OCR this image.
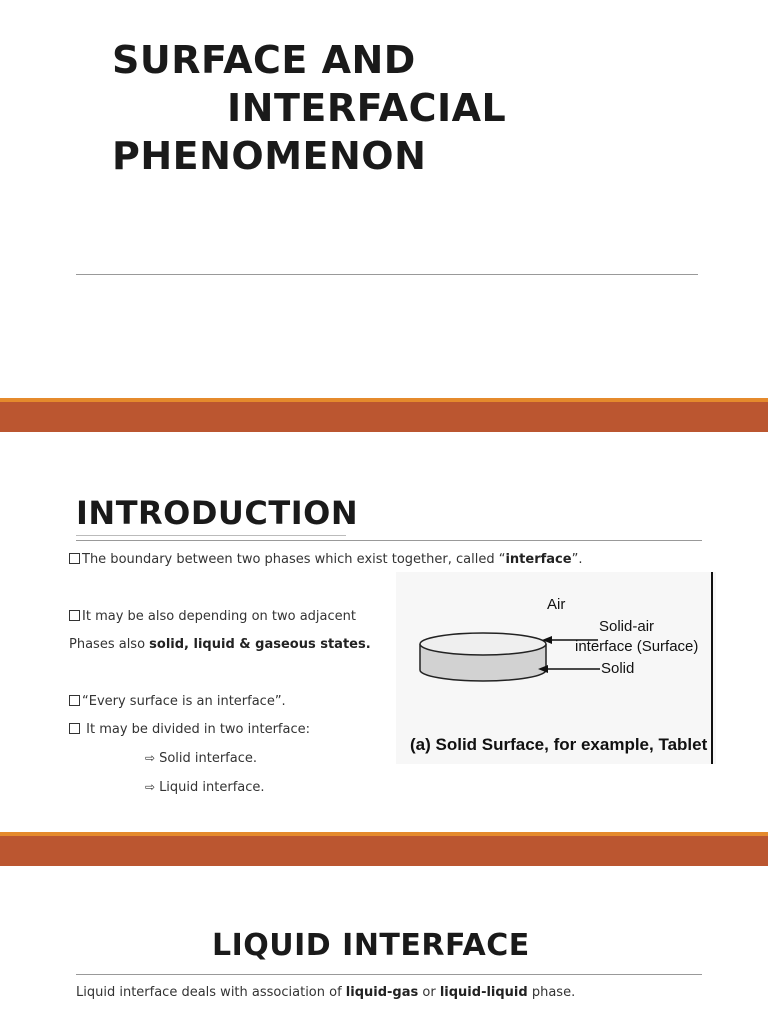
SURFACE AND
INTERFACIAL
PHENOMENON
INTRODUCTION
The boundary between two phases which exist together, called “interface”.
It may be also depending on two adjacent
Phases also solid, liquid & gaseous states.
“Every surface is an interface”.
It may be divided in two interface:
⇨ Solid interface.
⇨ Liquid interface.
Air
Solid-air
interface (Surface)
Solid
(a) Solid Surface, for example, Tablet
LIQUID INTERFACE
Liquid interface deals with association of liquid-gas or liquid-liquid phase.
